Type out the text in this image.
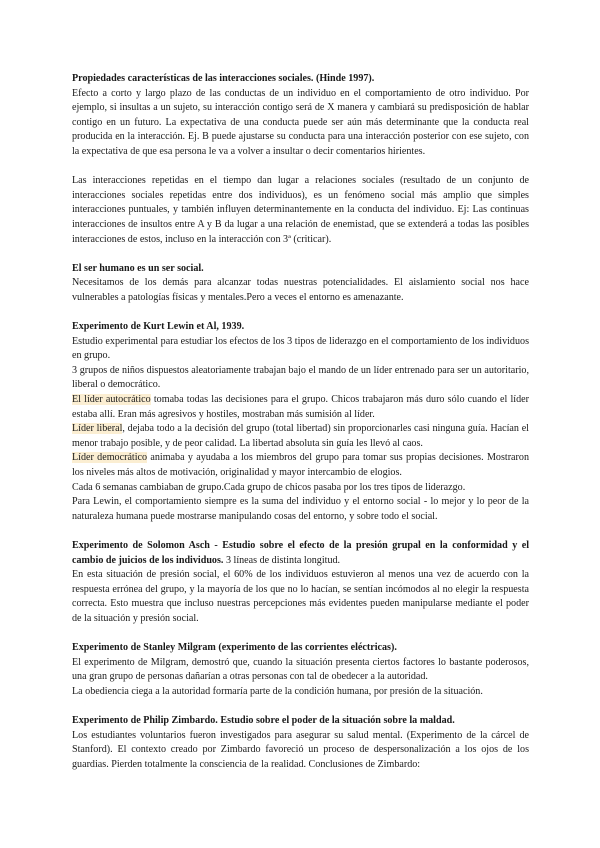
Propiedades características de las interacciones sociales. (Hinde 1997).

Efecto a corto y largo plazo de las conductas de un individuo en el comportamiento de otro individuo. Por ejemplo, si insultas a un sujeto, su interacción contigo será de X manera y cambiará su predisposición de hablar contigo en un futuro. La expectativa de una conducta puede ser aún más determinante que la conducta real producida en la interacción. Ej. B puede ajustarse su conducta para una interacción posterior con ese sujeto, con la expectativa de que esa persona le va a volver a insultar o decir comentarios hirientes.

Las interacciones repetidas en el tiempo dan lugar a relaciones sociales (resultado de un conjunto de interacciones sociales repetidas entre dos individuos), es un fenómeno social más amplio que simples interacciones puntuales, y también influyen determinantemente en la conducta del individuo. Ej: Las continuas interacciones de insultos entre A y B da lugar a una relación de enemistad, que se extenderá a todas las posibles interacciones de estos, incluso en la interacción con 3ª (criticar).

El ser humano es un ser social.

Necesitamos de los demás para alcanzar todas nuestras potencialidades. El aislamiento social nos hace vulnerables a patologías físicas y mentales.Pero a veces el entorno es amenazante.

Experimento de Kurt Lewin et Al, 1939.

Estudio experimental para estudiar los efectos de los 3 tipos de liderazgo en el comportamiento de los individuos en grupo.

3 grupos de niños dispuestos aleatoriamente trabajan bajo el mando de un líder entrenado para ser un autoritario, liberal o democrático.

El líder autocrático tomaba todas las decisiones para el grupo. Chicos trabajaron más duro sólo cuando el líder estaba allí. Eran más agresivos y hostiles, mostraban más sumisión al líder.

Líder liberal, dejaba todo a la decisión del grupo (total libertad) sin proporcionarles casi ninguna guía. Hacían el menor trabajo posible, y de peor calidad. La libertad absoluta sin guía les llevó al caos.

Líder democrático animaba y ayudaba a los miembros del grupo para tomar sus propias decisiones. Mostraron los niveles más altos de motivación, originalidad y mayor intercambio de elogios.

Cada 6 semanas cambiaban de grupo.Cada grupo de chicos pasaba por los tres tipos de liderazgo.

Para Lewin, el comportamiento siempre es la suma del individuo y el entorno social - lo mejor y lo peor de la naturaleza humana puede mostrarse manipulando cosas del entorno, y sobre todo el social.

Experimento de Solomon Asch - Estudio sobre el efecto de la presión grupal en la conformidad y el cambio de juicios de los individuos. 3 líneas de distinta longitud.

En esta situación de presión social, el 60% de los individuos estuvieron al menos una vez de acuerdo con la respuesta errónea del grupo, y la mayoría de los que no lo hacían, se sentían incómodos al no elegir la respuesta correcta. Esto muestra que incluso nuestras percepciones más evidentes pueden manipularse mediante el poder de la situación y presión social.

Experimento de Stanley Milgram (experimento de las corrientes eléctricas).

El experimento de Milgram, demostró que, cuando la situación presenta ciertos factores lo bastante poderosos, una gran grupo de personas dañarían a otras personas con tal de obedecer a la autoridad.

La obediencia ciega a la autoridad formaría parte de la condición humana, por presión de la situación.

Experimento de Philip Zimbardo. Estudio sobre el poder de la situación sobre la maldad.

Los estudiantes voluntarios fueron investigados para asegurar su salud mental. (Experimento de la cárcel de Stanford). El contexto creado por Zimbardo favoreció un proceso de despersonalización a los ojos de los guardias. Pierden totalmente la consciencia de la realidad. Conclusiones de Zimbardo:
